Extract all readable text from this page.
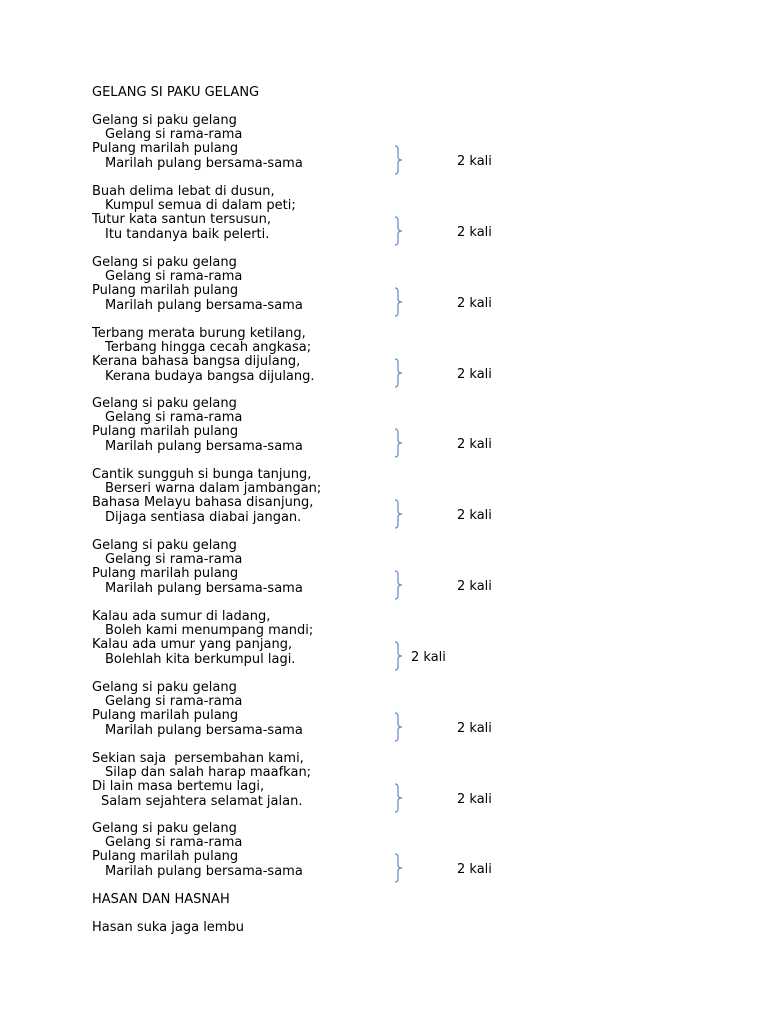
GELANG SI PAKU GELANG
Gelang si paku gelang
Gelang si rama-rama
Pulang marilah pulang
Marilah pulang bersama-sama	2 kali
Buah delima lebat di dusun,
Kumpul semua di dalam peti;
Tutur kata santun tersusun,
Itu tandanya baik pelerti.	2 kali
Gelang si paku gelang
Gelang si rama-rama
Pulang marilah pulang
Marilah pulang bersama-sama	2 kali
Terbang merata burung ketilang,
Terbang hingga cecah angkasa;
Kerana bahasa bangsa dijulang,
Kerana budaya bangsa dijulang.	2 kali
Gelang si paku gelang
Gelang si rama-rama
Pulang marilah pulang
Marilah pulang bersama-sama	2 kali
Cantik sungguh si bunga tanjung,
Berseri warna dalam jambangan;
Bahasa Melayu bahasa disanjung,
Dijaga sentiasa diabai jangan.	2 kali
Gelang si paku gelang
Gelang si rama-rama
Pulang marilah pulang
Marilah pulang bersama-sama	2 kali
Kalau ada sumur di ladang,
Boleh kami menumpang mandi;
Kalau ada umur yang panjang,
Bolehlah kita berkumpul lagi.	2 kali
Gelang si paku gelang
Gelang si rama-rama
Pulang marilah pulang
Marilah pulang bersama-sama	2 kali
Sekian saja  persembahan kami,
Silap dan salah harap maafkan;
Di lain masa bertemu lagi,
Salam sejahtera selamat jalan.	2 kali
Gelang si paku gelang
Gelang si rama-rama
Pulang marilah pulang
Marilah pulang bersama-sama	2 kali
HASAN DAN HASNAH
Hasan suka jaga lembu
